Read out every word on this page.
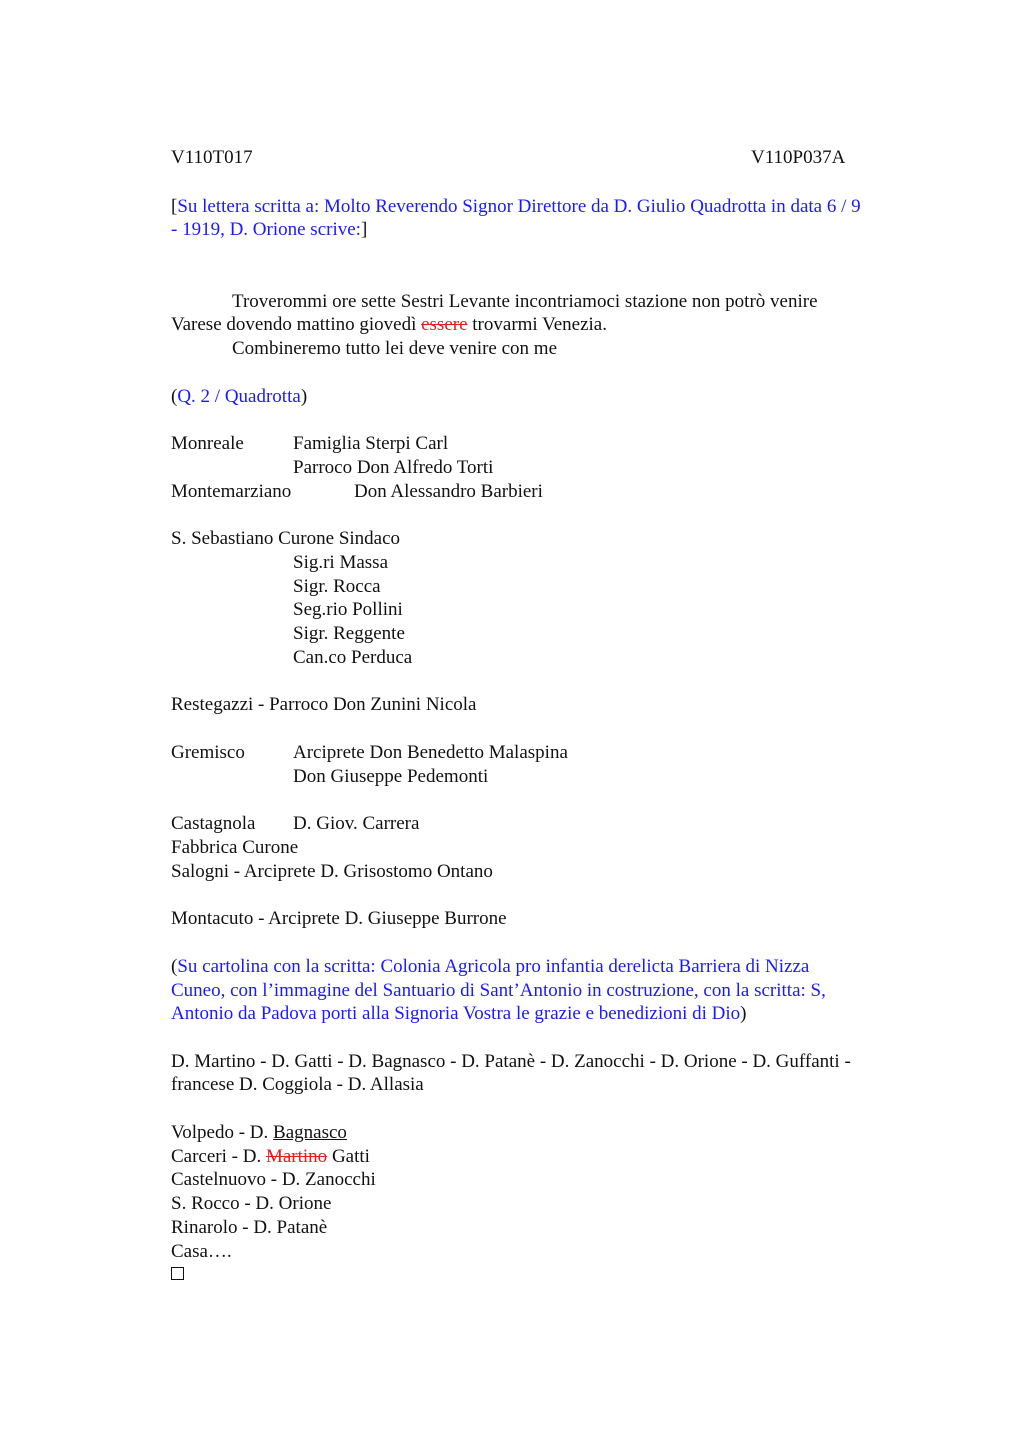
V110T017	V110P037A
[Su lettera scritta a: Molto Reverendo Signor Direttore da D. Giulio Quadrotta in data 6 / 9
- 1919, D. Orione scrive:]
Troverommi ore sette Sestri Levante incontriamoci stazione non potrò venire
Varese dovendo mattino giovedì essere trovarmi Venezia.
Combineremo tutto lei deve venire con me
(Q. 2 / Quadrotta)
Monreale	Famiglia Sterpi Carl
Parroco Don Alfredo Torti
Montemarziano	Don Alessandro Barbieri
S. Sebastiano Curone Sindaco
Sig.ri Massa
Sigr. Rocca
Seg.rio Pollini
Sigr. Reggente
Can.co Perduca
Restegazzi - Parroco Don Zunini Nicola
Gremisco	Arciprete Don Benedetto Malaspina
Don Giuseppe Pedemonti
Castagnola D. Giov. Carrera
Fabbrica Curone
Salogni - Arciprete D. Grisostomo Ontano
Montacuto - Arciprete D. Giuseppe Burrone
(Su cartolina con la scritta: Colonia Agricola pro infantia derelicta Barriera di Nizza
Cuneo, con l’immagine del Santuario di Sant’Antonio in costruzione, con la scritta: S,
Antonio da Padova porti alla Signoria Vostra le grazie e benedizioni di Dio)
D. Martino - D. Gatti - D. Bagnasco - D. Patanè - D. Zanocchi - D. Orione - D. Guffanti -
francese D. Coggiola - D. Allasia
Volpedo - D. Bagnasco
Carceri - D. Martino Gatti
Castelnuovo - D. Zanocchi
S. Rocco - D. Orione
Rinarolo - D. Patanè
Casa….
